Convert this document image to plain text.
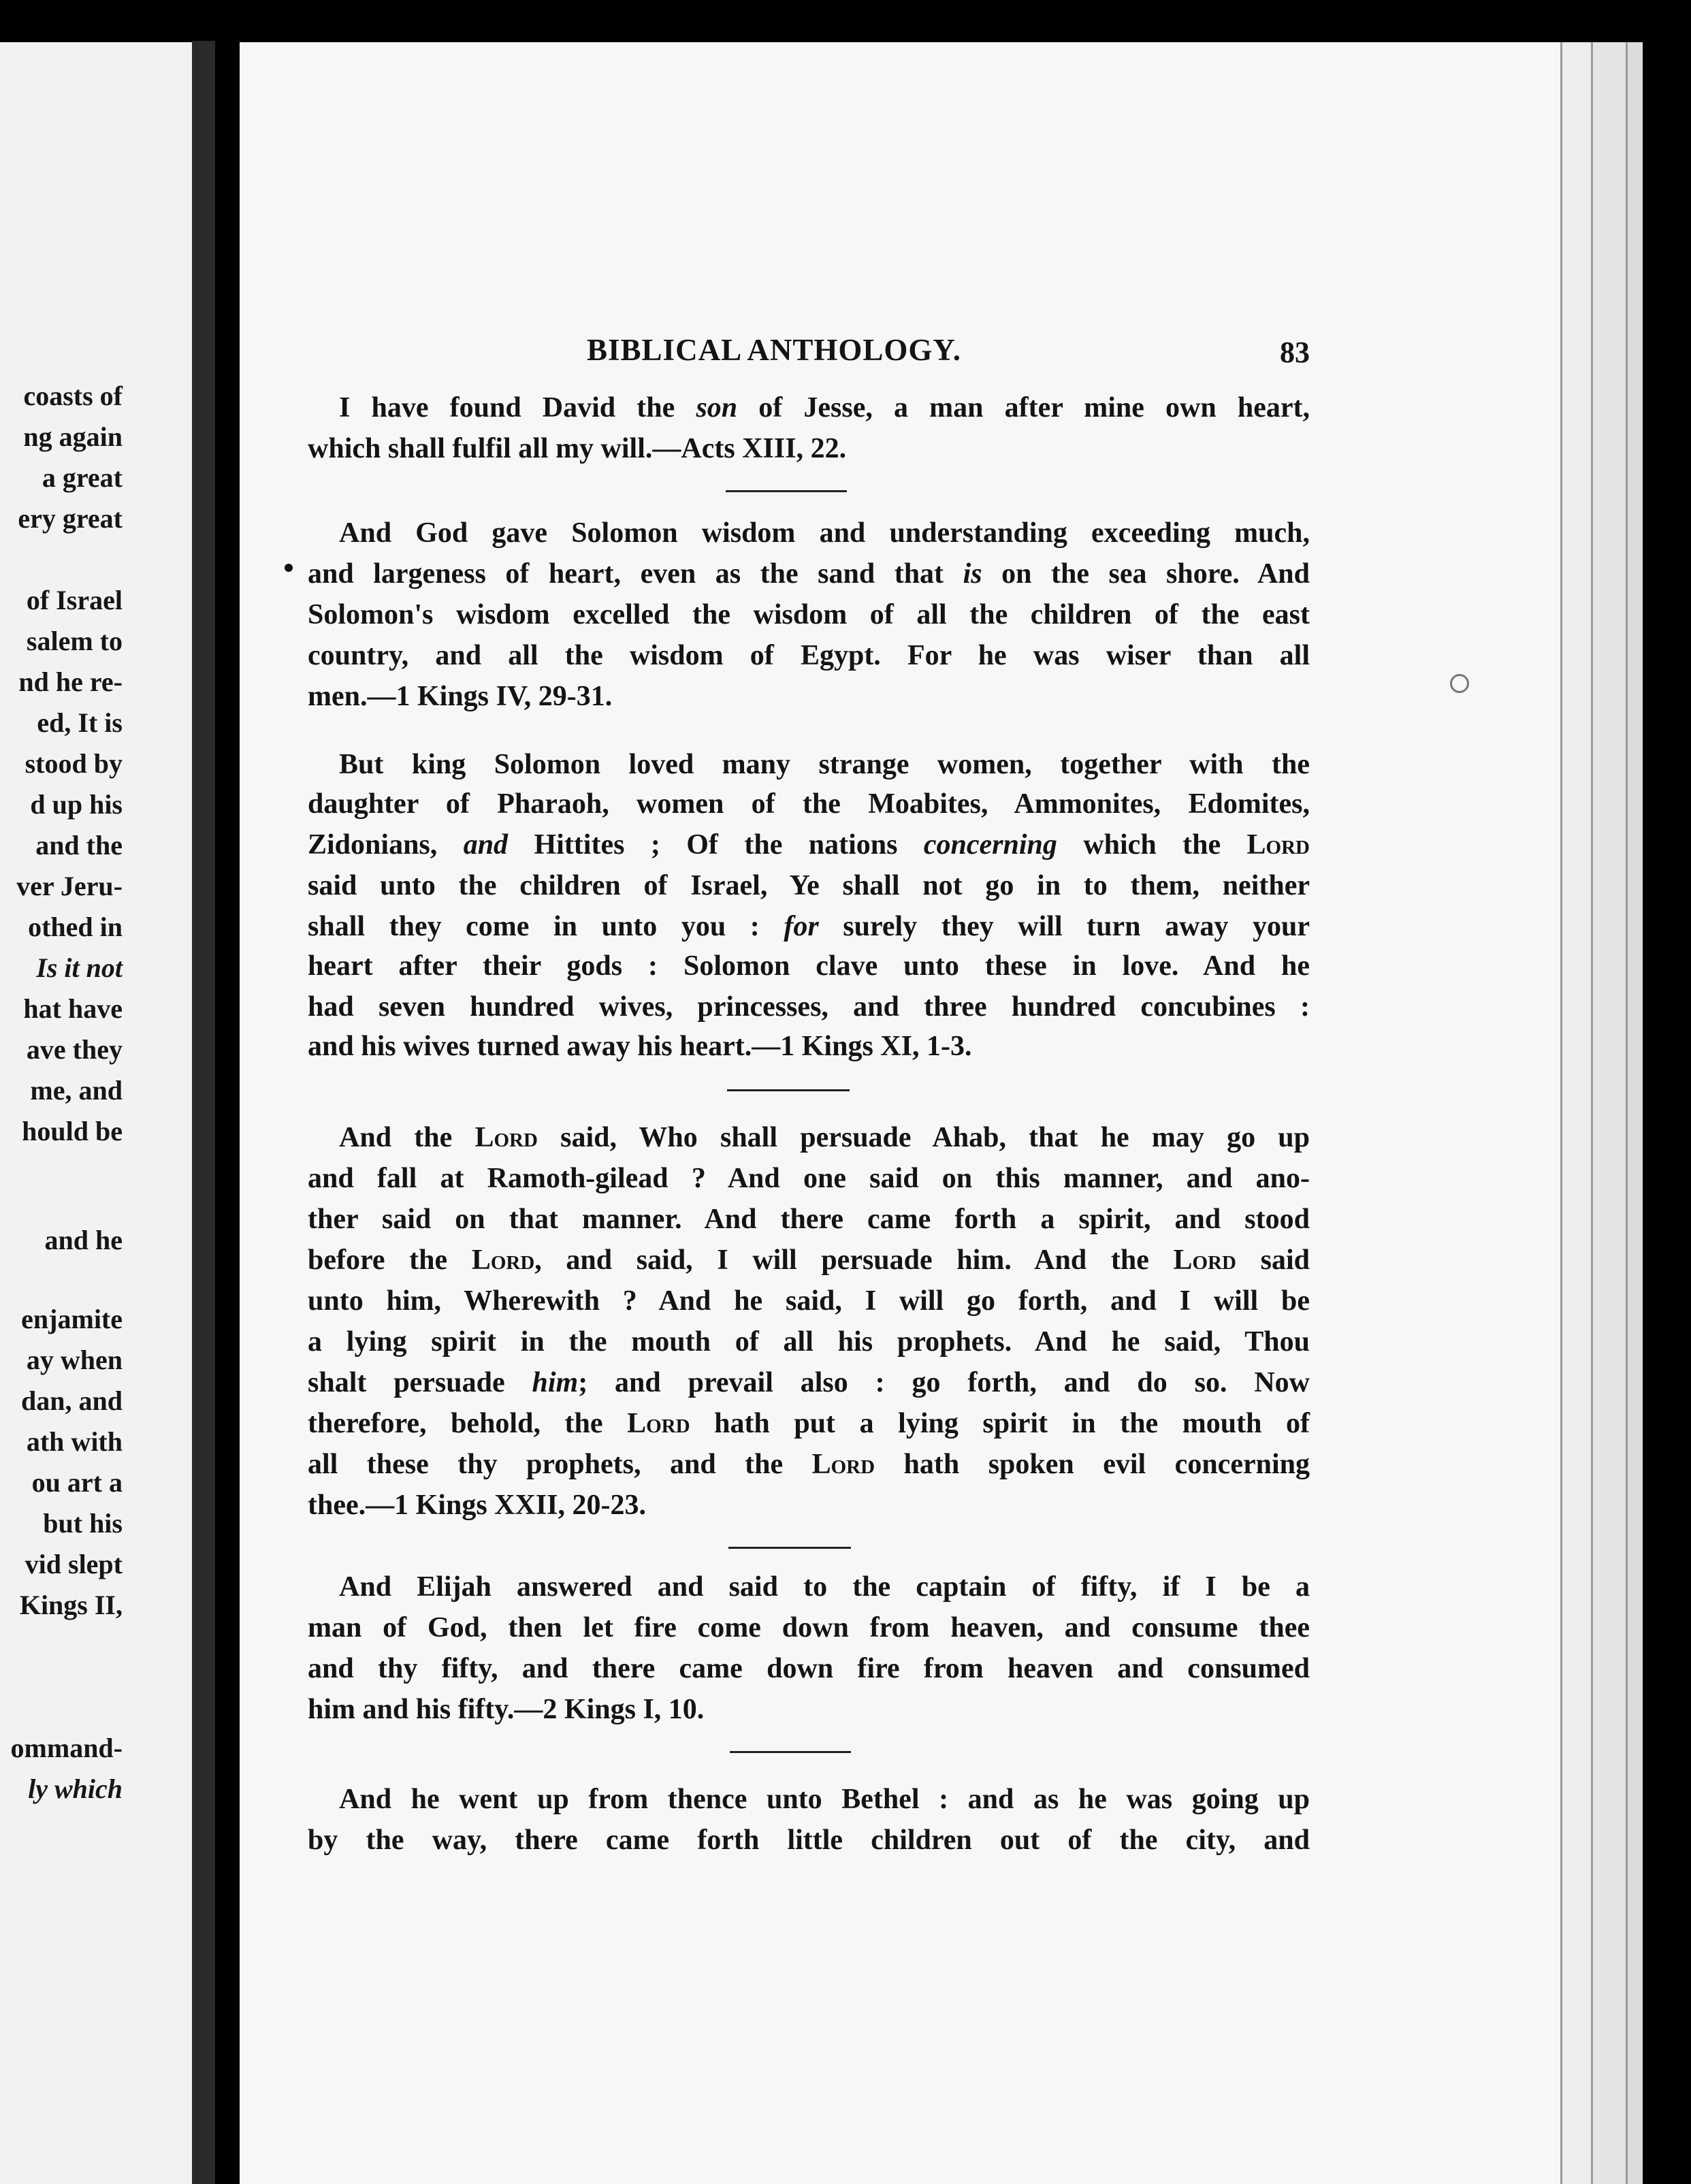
coasts of
ng again
a great
ery great
of Israel
salem to
nd he re-
ed, It is
stood by
d up his
and the
ver Jeru-
othed in
Is it not
hat have
ave they
me, and
hould be
and he
enjamite
ay when
dan, and
ath with
ou art a
but his
vid slept
Kings II,
ommand-
ly which
BIBLICAL ANTHOLOGY.	83
I have found David the son of Jesse, a man after mine own heart,
which shall fulfil all my will.—Acts XIII, 22.
And God gave Solomon wisdom and understanding exceeding much,
and largeness of heart, even as the sand that is on the sea shore. And
Solomon's wisdom excelled the wisdom of all the children of the east
country, and all the wisdom of Egypt. For he was wiser than all
men.—1 Kings IV, 29-31.
But king Solomon loved many strange women, together with the
daughter of Pharaoh, women of the Moabites, Ammonites, Edomites,
Zidonians, and Hittites ; Of the nations concerning which the Lord
said unto the children of Israel, Ye shall not go in to them, neither
shall they come in unto you : for surely they will turn away your
heart after their gods : Solomon clave unto these in love. And he
had seven hundred wives, princesses, and three hundred concubines :
and his wives turned away his heart.—1 Kings XI, 1-3.
And the Lord said, Who shall persuade Ahab, that he may go up
and fall at Ramoth-gilead ? And one said on this manner, and ano-
ther said on that manner. And there came forth a spirit, and stood
before the Lord, and said, I will persuade him. And the Lord said
unto him, Wherewith ? And he said, I will go forth, and I will be
a lying spirit in the mouth of all his prophets. And he said, Thou
shalt persuade him; and prevail also : go forth, and do so. Now
therefore, behold, the Lord hath put a lying spirit in the mouth of
all these thy prophets, and the Lord hath spoken evil concerning
thee.—1 Kings XXII, 20-23.
And Elijah answered and said to the captain of fifty, if I be a
man of God, then let fire come down from heaven, and consume thee
and thy fifty, and there came down fire from heaven and consumed
him and his fifty.—2 Kings I, 10.
And he went up from thence unto Bethel : and as he was going up
by the way, there came forth little children out of the city, and
